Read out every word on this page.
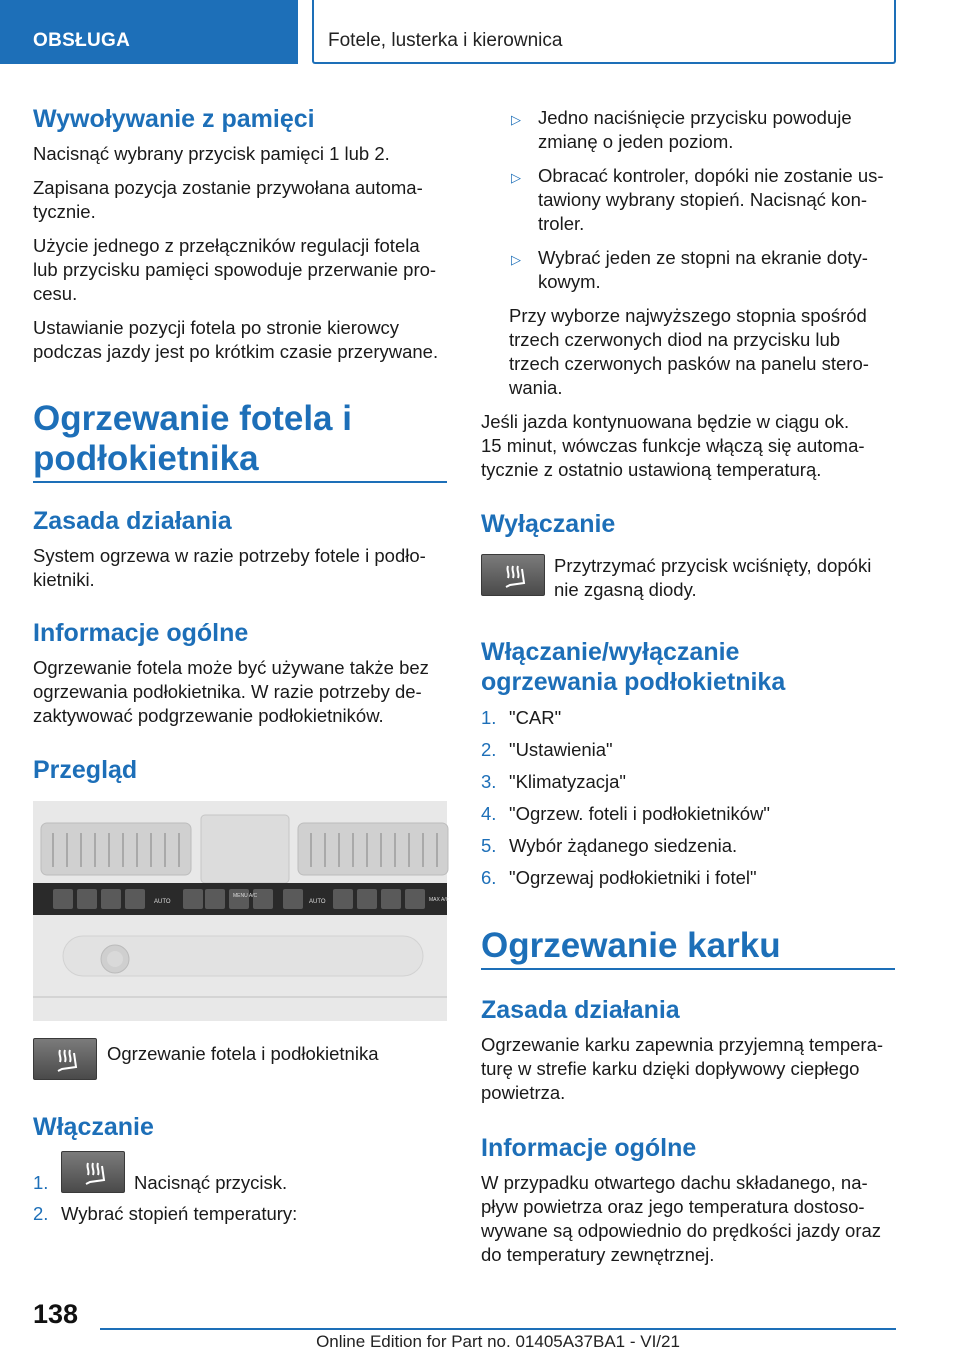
OBSŁUGA	Fotele, lusterka i kierownica
Wywoływanie z pamięci
Nacisnąć wybrany przycisk pamięci 1 lub 2.
Zapisana pozycja zostanie przywołana automa‐
tycznie.
Użycie jednego z przełączników regulacji fotela
lub przycisku pamięci spowoduje przerwanie pro‐
cesu.
Ustawianie pozycji fotela po stronie kierowcy
podczas jazdy jest po krótkim czasie przerywane.
Ogrzewanie fotela i
podłokietnika
Zasada działania
System ogrzewa w razie potrzeby fotele i podło‐
kietniki.
Informacje ogólne
Ogrzewanie fotela może być używane także bez
ogrzewania podłokietnika. W razie potrzeby de‐
zaktywować podgrzewanie podłokietników.
Przegląd
AUTO
MENU A/C
AUTO	MAX A/C
Ogrzewanie fotela i podłokietnika
Włączanie
1.	Nacisnąć przycisk.
2. Wybrać stopień temperatury:
▷ Jedno naciśnięcie przycisku powoduje
zmianę o jeden poziom.
▷ Obracać kontroler, dopóki nie zostanie us‐
tawiony wybrany stopień. Nacisnąć kon‐
troler.
▷ Wybrać jeden ze stopni na ekranie doty‐
kowym.
Przy wyborze najwyższego stopnia spośród
trzech czerwonych diod na przycisku lub
trzech czerwonych pasków na panelu stero‐
wania.
Jeśli jazda kontynuowana będzie w ciągu ok.
15 minut, wówczas funkcje włączą się automa‐
tycznie z ostatnio ustawioną temperaturą.
Wyłączanie
Przytrzymać przycisk wciśnięty, dopóki
nie zgasną diody.
Włączanie/wyłączanie
ogrzewania podłokietnika
1. "CAR"
2. "Ustawienia"
3. "Klimatyzacja"
4. "Ogrzew. foteli i podłokietników"
5. Wybór żądanego siedzenia.
6. "Ogrzewaj podłokietniki i fotel"
Ogrzewanie karku
Zasada działania
Ogrzewanie karku zapewnia przyjemną tempera‐
turę w strefie karku dzięki dopływowy ciepłego
powietrza.
Informacje ogólne
W przypadku otwartego dachu składanego, na‐
pływ powietrza oraz jego temperatura dostoso‐
wywane są odpowiednio do prędkości jazdy oraz
do temperatury zewnętrznej.
138
Online Edition for Part no. 01405A37BA1 - VI/21
